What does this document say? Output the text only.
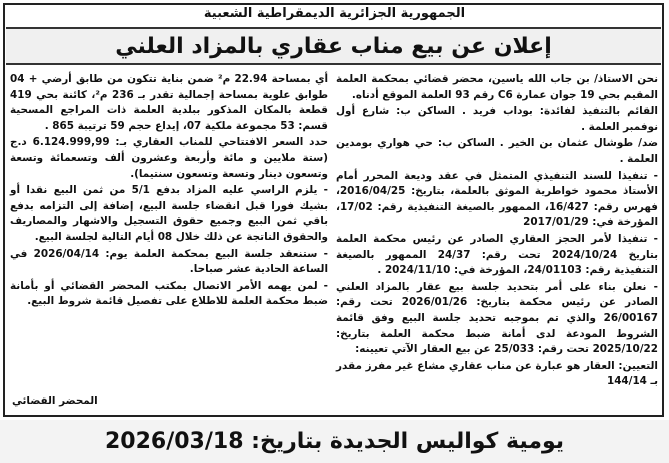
الجمهورية الجزائرية الديمقراطية الشعبية
إعلان عن بيع مناب عقاري بالمزاد العلني

نحن الاستاذ/ بن جاب الله ياسين، محضر قضائي بمحكمة العلمة المقيم بحي 19 جوان عمارة C6 رقم 93 العلمة الموقع أدناه.

القائم بالتنفيذ لفائدة: بوداب فريد . الساكن ب: شارع أول نوفمبر العلمة .

ضد/ طوشال عثمان بن الخير . الساكن ب: حي هواري بومدين العلمة .

- تنفيذا للسند التنفيذي المتمثل في عقد وديعة المحرر أمام الأستاذ محمود خواطرية الموثق بالعلمة، بتاريخ: 2016/04/25، فهرس رقم: 16/427، الممهور بالصيغة التنفيذية رقم: 17/02، المؤرخة في: 2017/01/29

- تنفيذا لأمر الحجز العقاري الصادر عن رئيس محكمة العلمة بتاريخ 2024/10/24 تحت رقم: 24/37 الممهور بالصيغة التنفيذية رقم: 24/01103، المؤرخة في: 2024/11/10 .

- نعلن بناء على أمر بتحديد جلسة بيع عقار بالمزاد العلني الصادر عن رئيس محكمة بتاريخ: 2026/01/26 تحت رقم: 26/00167 والذي تم بموجبه تحديد جلسة البيع وفق قائمة الشروط المودعة لدى أمانة ضبط محكمة العلمة بتاريخ: 2025/10/22 تحت رقم: 25/033 عن بيع العقار الآتي تعيينه:

التعيين: العقار هو عبارة عن مناب عقاري مشاع غير مفرز مقدر بـ 144/14

أي بمساحة 22.94 م² ضمن بناية تتكون من طابق أرضي + 04 طوابق علوية بمساحة إجمالية تقدر بـ 236 م²، كائنة بحي 419 قطعة بالمكان المذكور ببلدية العلمة ذات المراجع المسحية قسم: 53 مجموعة ملكية 07، إيداع حجم 59 ترتيبة 865 .

حدد السعر الافتتاحي للمناب العقاري بـ: 6.124.999,99 د.ج (ستة ملايين و مائة وأربعة وعشرون ألف وتسعمائة وتسعة وتسعون دينار وتسعة وتسعون سنتيما).

- يلزم الراسي عليه المزاد بدفع 5/1 من ثمن البيع نقدا أو بشيك فورا قبل انقضاء جلسة البيع، إضافة إلى التزامه بدفع باقي ثمن البيع وجميع حقوق التسجيل والاشهار والمصاريف والحقوق الناتجة عن ذلك خلال 08 أيام التالية لجلسة البيع.

- ستنعقد جلسة البيع بمحكمة العلمة يوم: 2026/04/14 في الساعة الحادية عشر صباحا.

- لمن يهمه الأمر الاتصال بمكتب المحضر القضائي أو بأمانة ضبط محكمة العلمة للاطلاع على تفصيل قائمة شروط البيع.

المحضر القضائي
يومية كواليس الجديدة بتاريخ: 2026/03/18
